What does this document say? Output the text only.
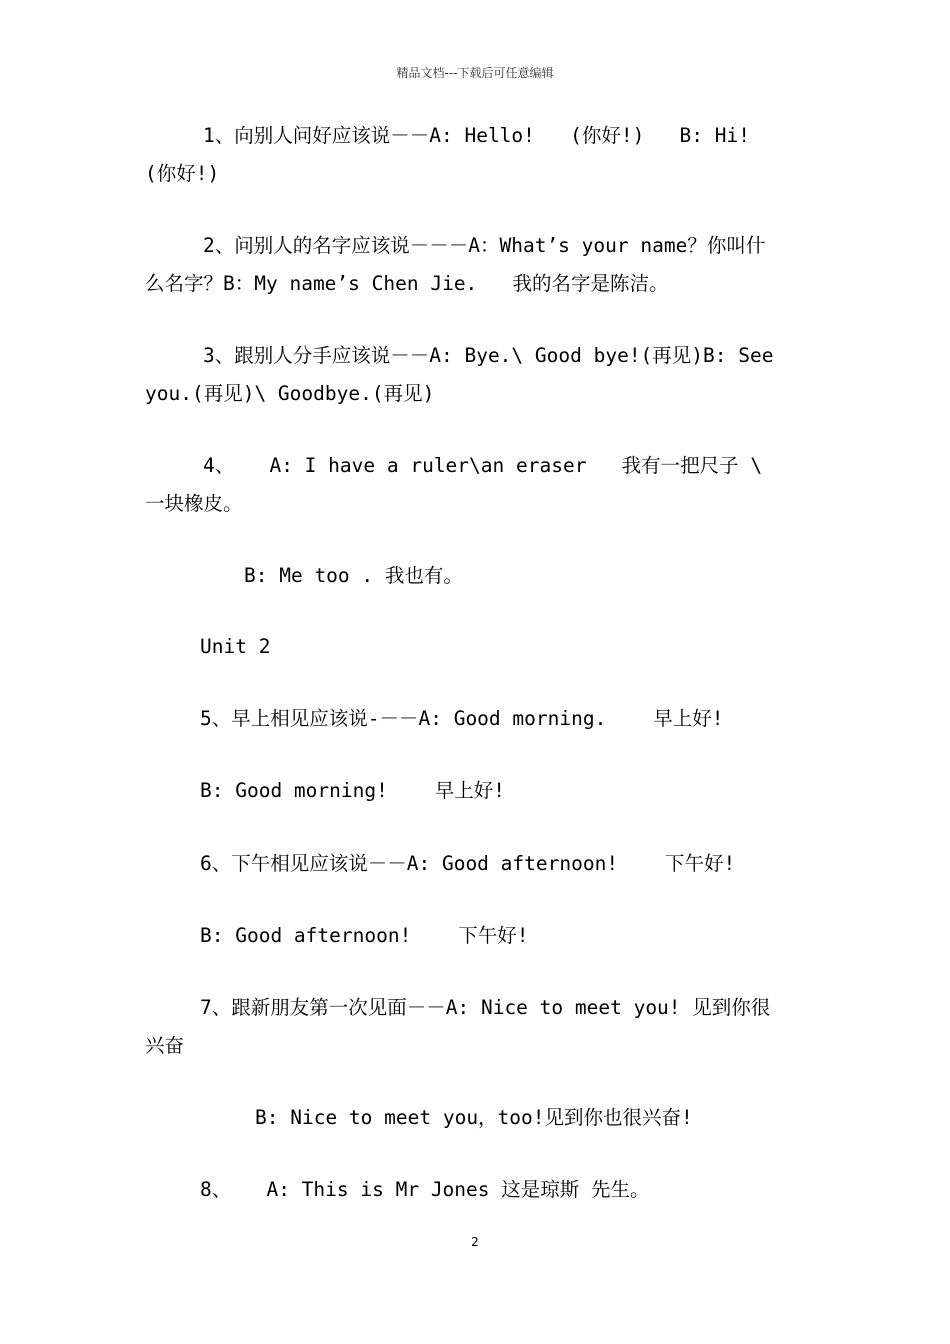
精品文档---下载后可任意编辑
1、向别人问好应该说－－A: Hello!   (你好!)   B: Hi!
(你好!)
2、问别人的名字应该说－－－A：What’s your name？你叫什
么名字？B：My name’s Chen Jie.   我的名字是陈洁。
3、跟别人分手应该说－－A: Bye.\ Good bye!(再见)B: See
you.(再见)\ Goodbye.(再见)
4、   A: I have a ruler\an eraser   我有一把尺子 \
一块橡皮。
B: Me too . 我也有。
Unit 2
5、早上相见应该说-－－A: Good morning.    早上好!
B: Good morning!    早上好!
6、下午相见应该说－－A: Good afternoon!    下午好!
B: Good afternoon!    下午好!
7、跟新朋友第一次见面－－A: Nice to meet you! 见到你很
兴奋
B: Nice to meet you，too!见到你也很兴奋!
8、   A: This is Mr Jones 这是琼斯 先生。
2
